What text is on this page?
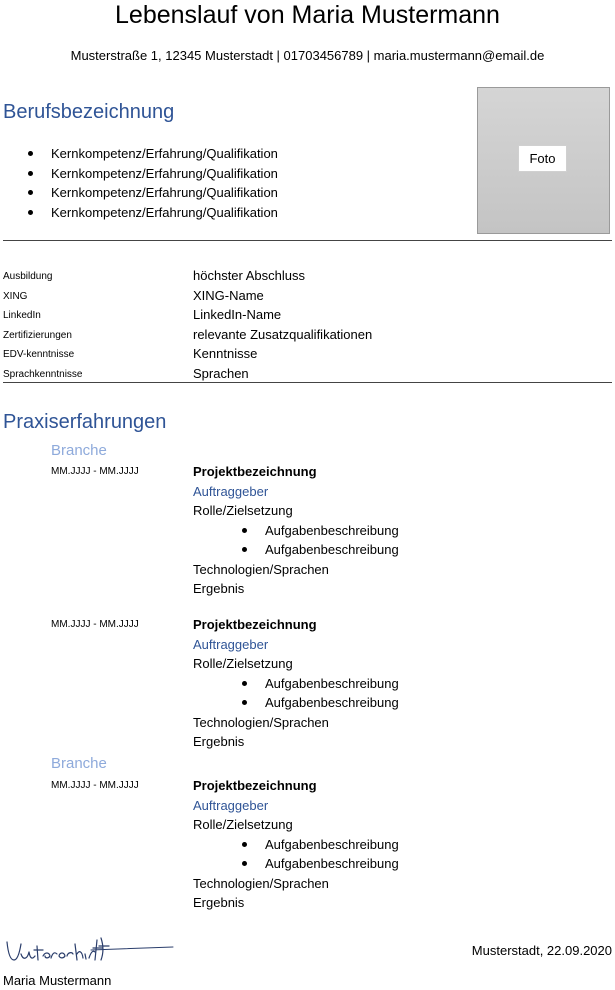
Lebenslauf von Maria Mustermann
Musterstraße 1, 12345 Musterstadt | 01703456789 | maria.mustermann@email.de
Berufsbezeichnung
Kernkompetenz/Erfahrung/Qualifikation
Kernkompetenz/Erfahrung/Qualifikation
Kernkompetenz/Erfahrung/Qualifikation
Kernkompetenz/Erfahrung/Qualifikation
Foto
Ausbildung	höchster Abschluss
XING	XING-Name
LinkedIn	LinkedIn-Name
Zertifizierungen	relevante Zusatzqualifikationen
EDV-kenntnisse	Kenntnisse
Sprachkenntnisse	Sprachen
Praxiserfahrungen
Branche
MM.JJJJ - MM.JJJJ	Projektbezeichnung
Auftraggeber
Rolle/Zielsetzung
Aufgabenbeschreibung
Aufgabenbeschreibung
Technologien/Sprachen
Ergebnis
MM.JJJJ - MM.JJJJ	Projektbezeichnung
Auftraggeber
Rolle/Zielsetzung
Aufgabenbeschreibung
Aufgabenbeschreibung
Technologien/Sprachen
Ergebnis
Branche
MM.JJJJ - MM.JJJJ	Projektbezeichnung
Auftraggeber
Rolle/Zielsetzung
Aufgabenbeschreibung
Aufgabenbeschreibung
Technologien/Sprachen
Ergebnis
Maria Mustermann
Musterstadt, 22.09.2020
